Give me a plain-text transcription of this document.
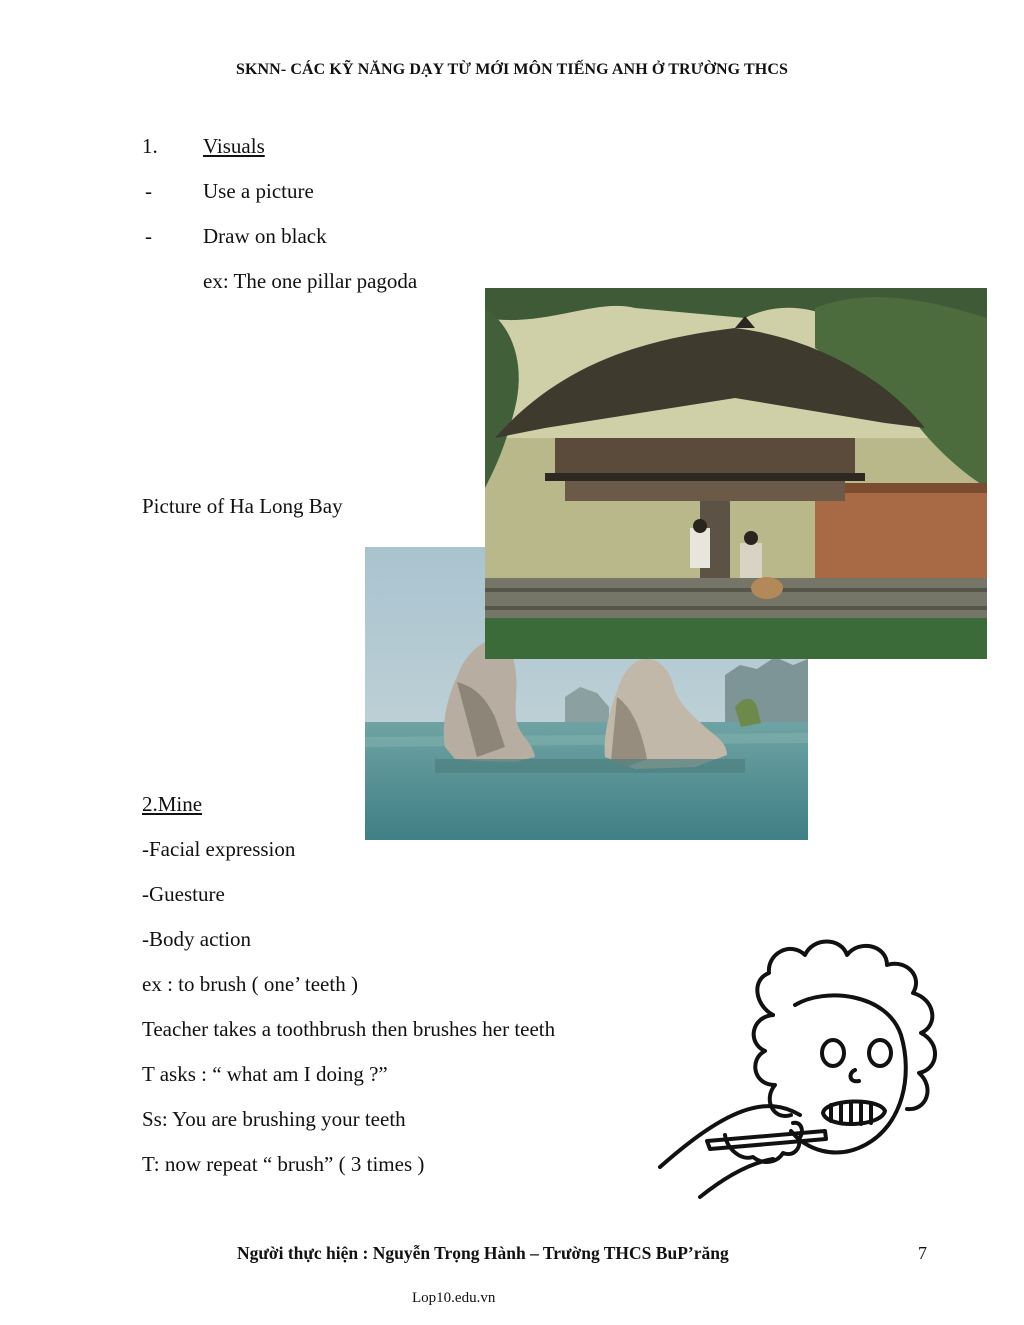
SKNN- CÁC KỸ NĂNG DẠY TỪ MỚI MÔN TIẾNG ANH Ở TRƯỜNG THCS
1. Visuals
- Use a picture
- Draw on black
ex: The one pillar pagoda
Picture of Ha Long Bay
2.Mine
-Facial expression
-Guesture
-Body action
ex : to brush ( one’ teeth )
Teacher takes a toothbrush then brushes her teeth
T asks : “ what am I doing ?”
Ss: You are brushing your teeth
T: now repeat “ brush” ( 3 times )
Người thực hiện : Nguyễn Trọng Hành – Trường THCS BuP’răng	7
Lop10.edu.vn
